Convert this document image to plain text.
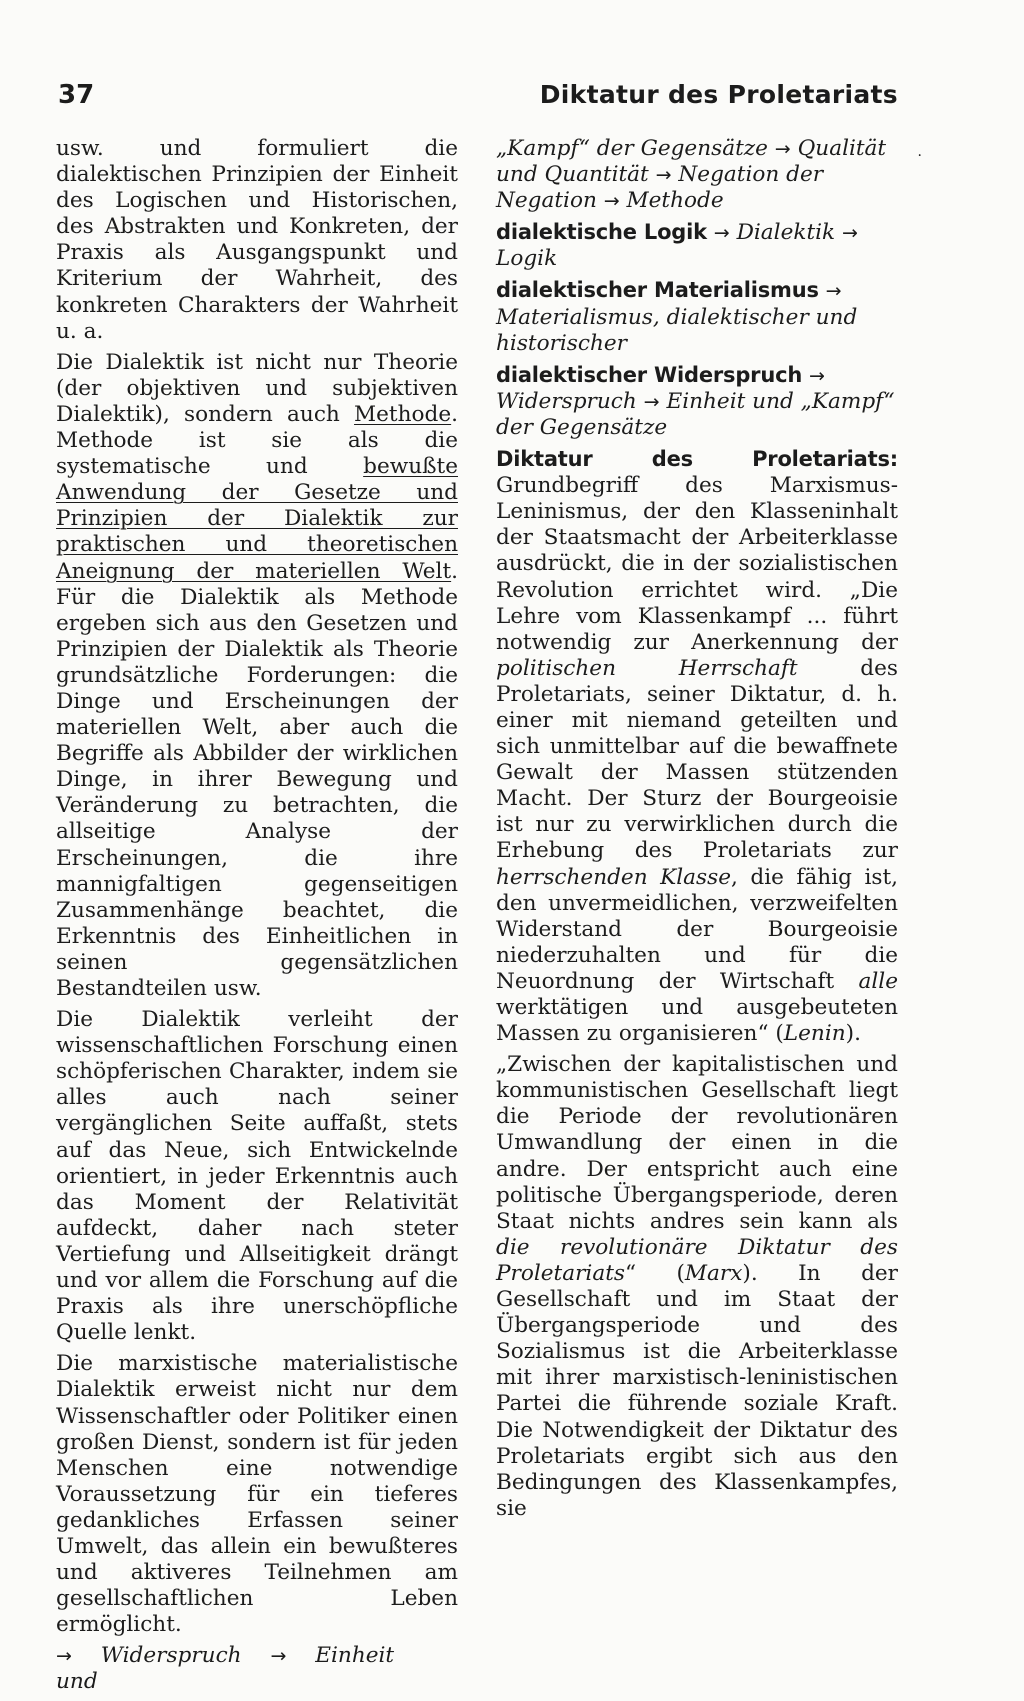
37	Diktatur des Proletariats
·

usw. und formuliert die dialektischen Prinzipien der Einheit des Logischen und Historischen, des Abstrakten und Konkreten, der Praxis als Ausgangspunkt und Kriterium der Wahrheit, des konkreten Charakters der Wahrheit u. a.

Die Dialektik ist nicht nur Theorie (der objektiven und subjektiven Dialektik), sondern auch Methode. Methode ist sie als die systematische und bewußte Anwendung der Gesetze und Prinzipien der Dialektik zur praktischen und theoretischen Aneignung der materiellen Welt. Für die Dialektik als Methode ergeben sich aus den Gesetzen und Prinzipien der Dialektik als Theorie grundsätzliche Forderungen: die Dinge und Erscheinungen der materiellen Welt, aber auch die Begriffe als Abbilder der wirklichen Dinge, in ihrer Bewegung und Veränderung zu betrachten, die allseitige Analyse der Erscheinungen, die ihre mannigfaltigen gegenseitigen Zusammenhänge beachtet, die Erkenntnis des Einheitlichen in seinen gegensätzlichen Bestandteilen usw.

Die Dialektik verleiht der wissenschaftlichen Forschung einen schöpferischen Charakter, indem sie alles auch nach seiner vergänglichen Seite auffaßt, stets auf das Neue, sich Entwickelnde orientiert, in jeder Erkenntnis auch das Moment der Relativität aufdeckt, daher nach steter Vertiefung und Allseitigkeit drängt und vor allem die Forschung auf die Praxis als ihre unerschöpfliche Quelle lenkt.

Die marxistische materialistische Dialektik erweist nicht nur dem Wissenschaftler oder Politiker einen großen Dienst, sondern ist für jeden Menschen eine notwendige Voraussetzung für ein tieferes gedankliches Erfassen seiner Umwelt, das allein ein bewußteres und aktiveres Teilnehmen am gesellschaftlichen Leben ermöglicht.

→ Widerspruch → Einheit und

„Kampf“ der Gegensätze → Qualität und Quantität → Negation der Negation → Methode

dialektische Logik → Dialektik → Logik

dialektischer Materialismus → Materialismus, dialektischer und historischer

dialektischer Widerspruch → Widerspruch → Einheit und „Kampf“ der Gegensätze

Diktatur des Proletariats: Grundbegriff des Marxismus-Leninismus, der den Klasseninhalt der Staatsmacht der Arbeiterklasse ausdrückt, die in der sozialistischen Revolution errichtet wird. „Die Lehre vom Klassenkampf ... führt notwendig zur Anerkennung der politischen Herrschaft des Proletariats, seiner Diktatur, d. h. einer mit niemand geteilten und sich unmittelbar auf die bewaffnete Gewalt der Massen stützenden Macht. Der Sturz der Bourgeoisie ist nur zu verwirklichen durch die Erhebung des Proletariats zur herrschenden Klasse, die fähig ist, den unvermeidlichen, verzweifelten Widerstand der Bourgeoisie niederzuhalten und für die Neuordnung der Wirtschaft alle werktätigen und ausgebeuteten Massen zu organisieren“ (Lenin).

„Zwischen der kapitalistischen und kommunistischen Gesellschaft liegt die Periode der revolutionären Umwandlung der einen in die andre. Der entspricht auch eine politische Übergangsperiode, deren Staat nichts andres sein kann als die revolutionäre Diktatur des Proletariats“ (Marx). In der Gesellschaft und im Staat der Übergangsperiode und des Sozialismus ist die Arbeiterklasse mit ihrer marxistisch-leninistischen Partei die führende soziale Kraft. Die Notwendigkeit der Diktatur des Proletariats ergibt sich aus den Bedingungen des Klassenkampfes, sie
